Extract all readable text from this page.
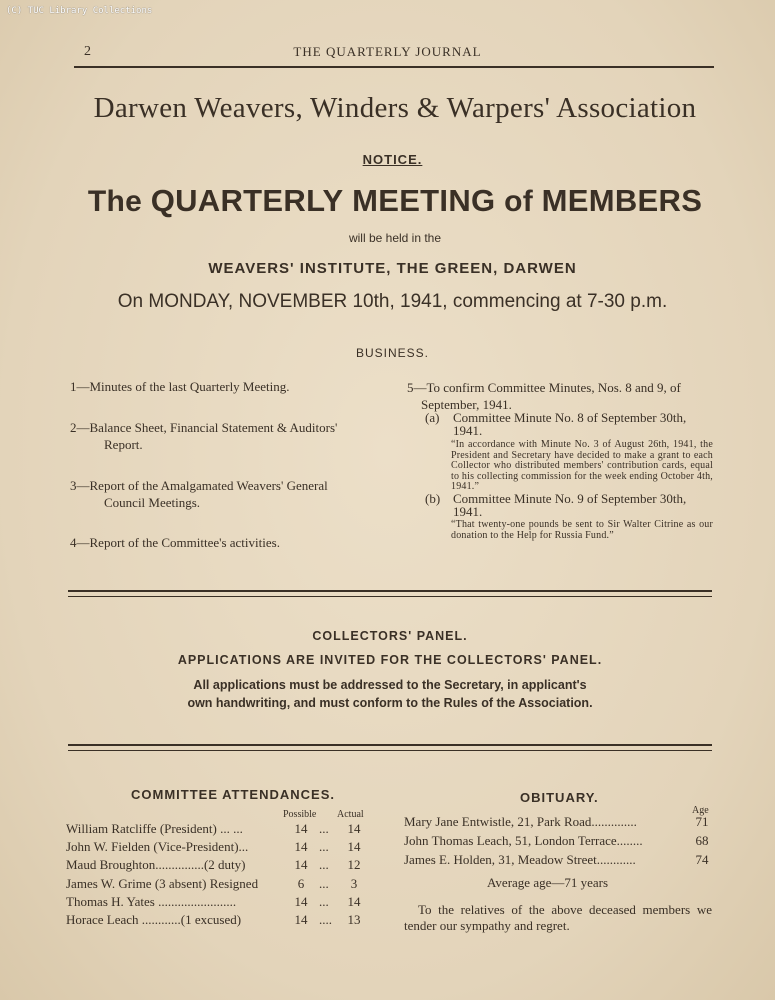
(C) TUC Library Collections
2	THE QUARTERLY JOURNAL
Darwen Weavers, Winders & Warpers' Association
NOTICE.
The QUARTERLY MEETING of MEMBERS
will be held in the
WEAVERS' INSTITUTE, THE GREEN, DARWEN
On MONDAY, NOVEMBER 10th, 1941, commencing at 7-30 p.m.
BUSINESS.
1—Minutes of the last Quarterly Meeting.
2—Balance Sheet, Financial Statement & Auditors'
Report.
3—Report of the Amalgamated Weavers' General
Council Meetings.
4—Report of the Committee's activities.
5—To confirm Committee Minutes, Nos. 8 and 9, of
September, 1941.
(a) Committee Minute No. 8 of September 30th,
1941.
“In accordance with Minute No. 3 of August 26th, 1941, the President and Secretary have decided to make a grant to each Collector who distributed members' contribution cards, equal to his collecting commission for the week ending October 4th, 1941.”
(b) Committee Minute No. 9 of September 30th,
1941.
“That twenty-one pounds be sent to Sir Walter Citrine as our donation to the Help for Russia Fund.”
COLLECTORS' PANEL.
APPLICATIONS ARE INVITED FOR THE COLLECTORS' PANEL.
All applications must be addressed to the Secretary, in applicant's
own handwriting, and must conform to the Rules of the Association.
COMMITTEE ATTENDANCES.
Possible Actual
William Ratcliffe (President) ... ...	14 ... 14
John W. Fielden (Vice-President)...	14 ... 14
Maud Broughton...............(2 duty)	14 ... 12
James W. Grime (3 absent) Resigned	6 ...	3
Thomas H. Yates ........................	14 ... 14
Horace Leach ............(1 excused)	14 .... 13
OBITUARY.
Age
Mary Jane Entwistle, 21, Park Road..............	71
John Thomas Leach, 51, London Terrace........	68
James E. Holden, 31, Meadow Street............	74
Average age—71 years
To the relatives of the above deceased members we tender our sympathy and regret.
